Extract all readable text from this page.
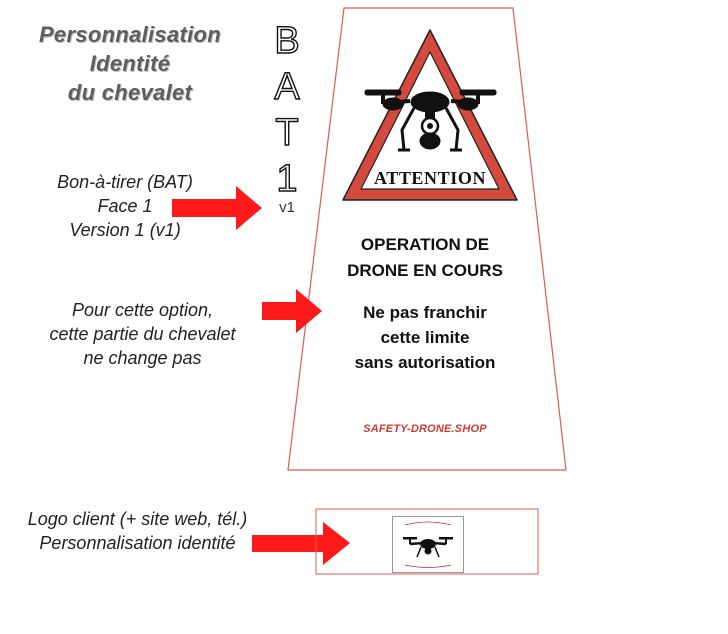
Personnalisation
Identité
du chevalet
B
A
T
1
v1
Bon-à-tirer (BAT)
Face 1
Version 1 (v1)
Pour cette option,
cette partie du chevalet
ne change pas
Logo client (+ site web, tél.)
Personnalisation identité
ATTENTION
OPERATION DE
DRONE EN COURS
Ne pas franchir
cette limite
sans autorisation
SAFETY-DRONE.SHOP
